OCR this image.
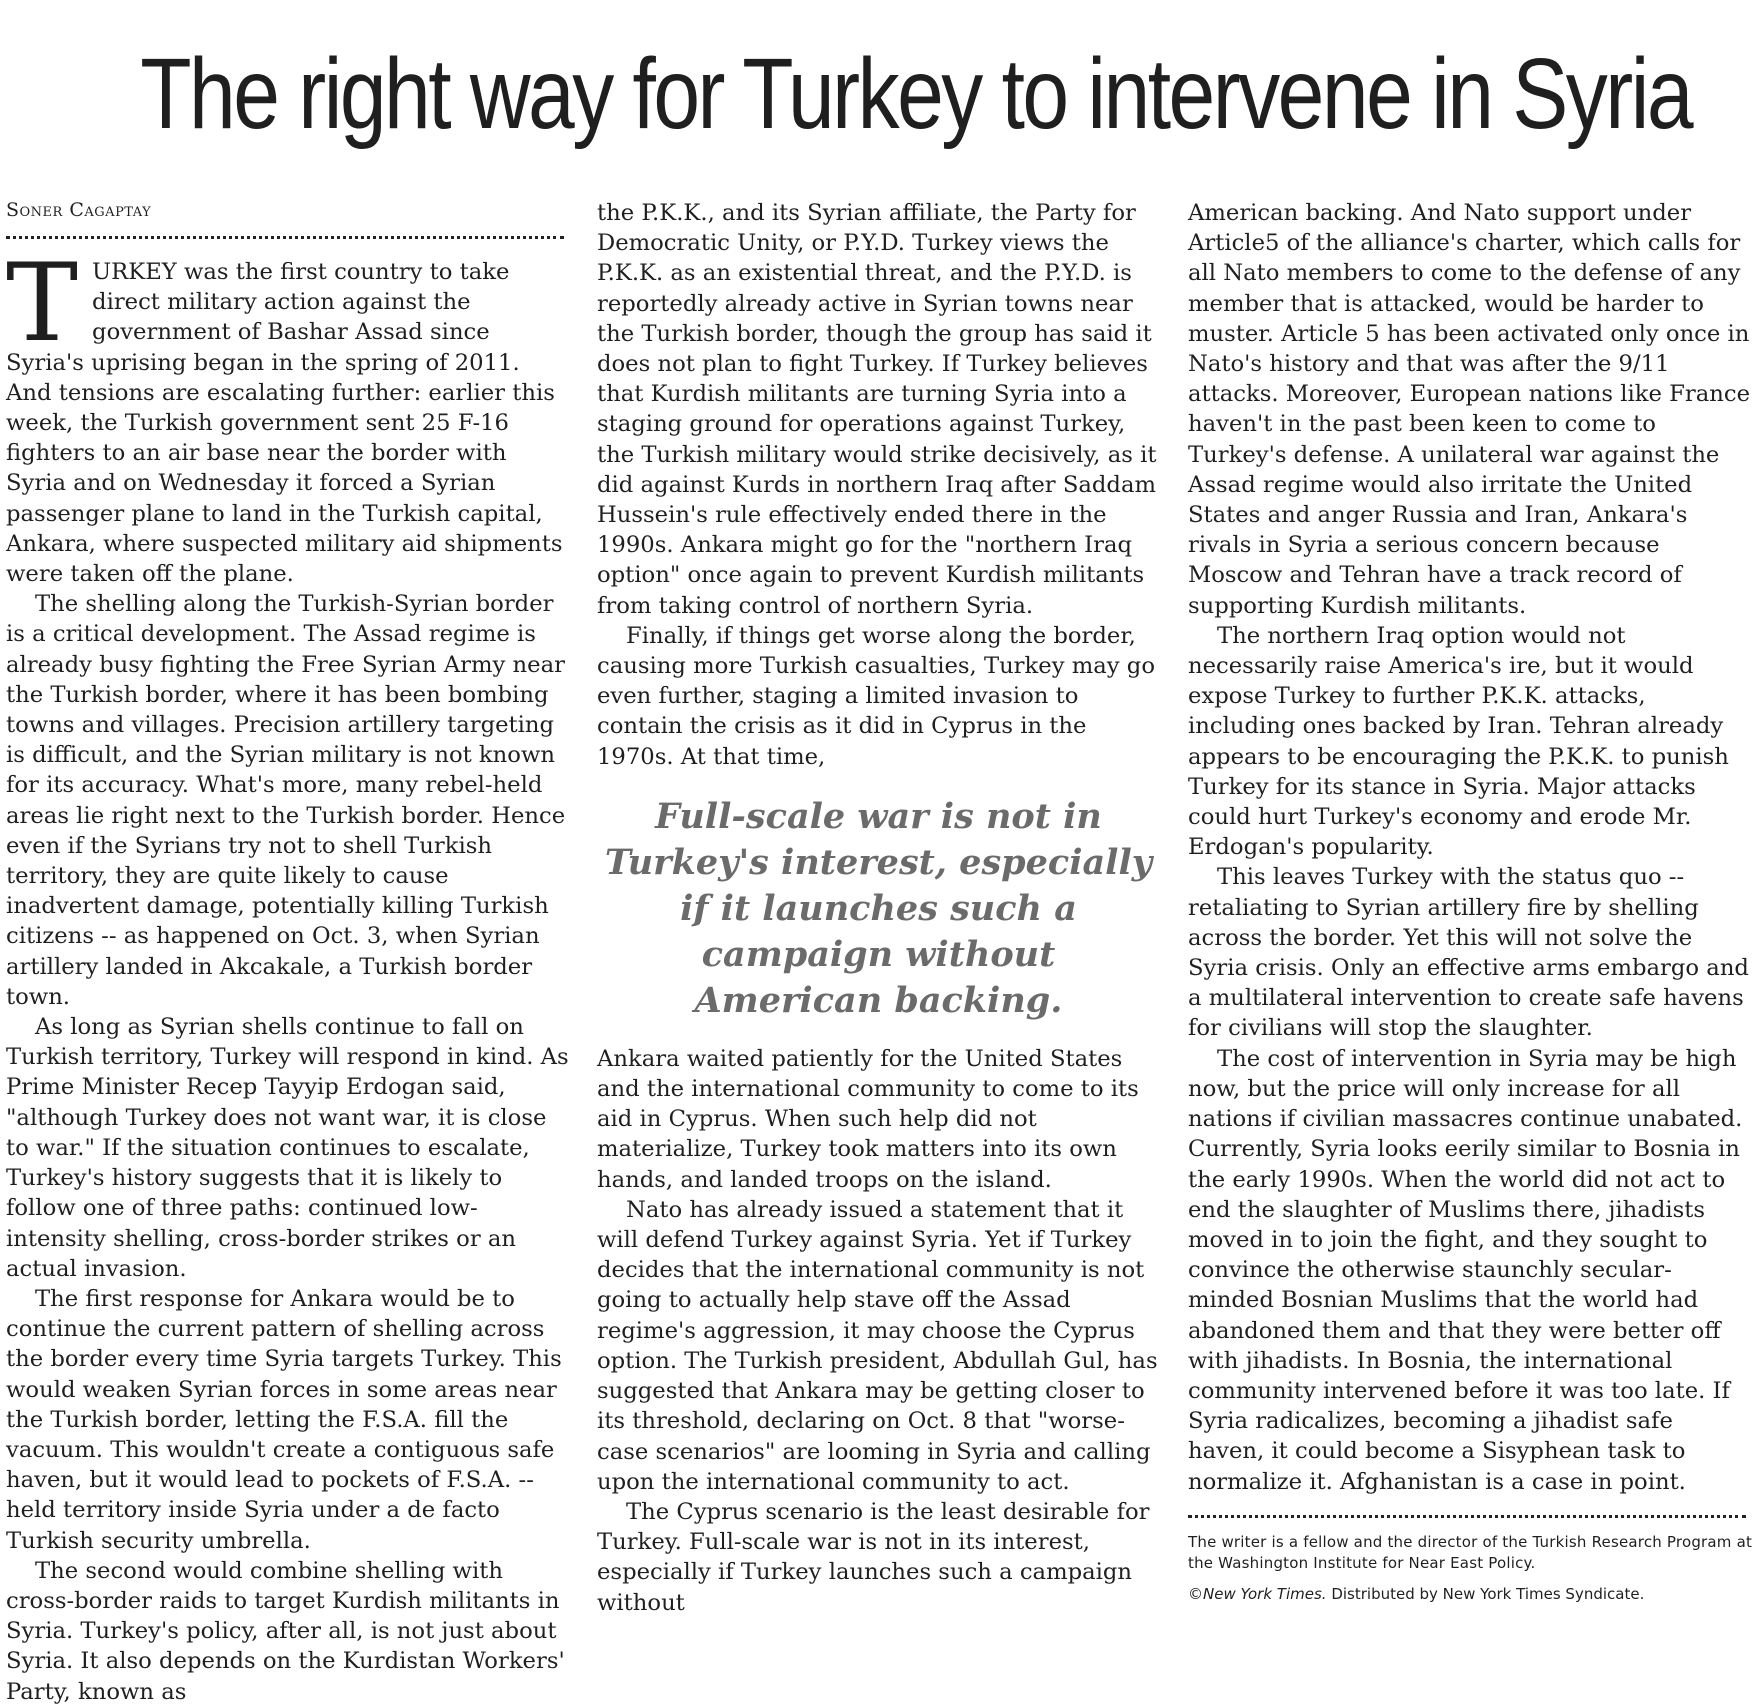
The right way for Turkey to intervene in Syria
Soner Cagaptay

TURKEY was the first country to take direct military action against the government of Bashar Assad since Syria's uprising began in the spring of 2011. And tensions are escalating further: earlier this week, the Turkish government sent 25 F-16 fighters to an air base near the border with Syria and on Wednesday it forced a Syrian passenger plane to land in the Turkish capital, Ankara, where suspected military aid shipments were taken off the plane.

The shelling along the Turkish-Syrian border is a critical development. The Assad regime is already busy fighting the Free Syrian Army near the Turkish border, where it has been bombing towns and villages. Precision artillery targeting is difficult, and the Syrian military is not known for its accuracy. What's more, many rebel-held areas lie right next to the Turkish border. Hence even if the Syrians try not to shell Turkish territory, they are quite likely to cause inadvertent damage, potentially killing Turkish citizens -- as happened on Oct. 3, when Syrian artillery landed in Akcakale, a Turkish border town.

As long as Syrian shells continue to fall on Turkish territory, Turkey will respond in kind. As Prime Minister Recep Tayyip Erdogan said, "although Turkey does not want war, it is close to war." If the situation continues to escalate, Turkey's history suggests that it is likely to follow one of three paths: continued low-intensity shelling, cross-border strikes or an actual invasion.

The first response for Ankara would be to continue the current pattern of shelling across the border every time Syria targets Turkey. This would weaken Syrian forces in some areas near the Turkish border, letting the F.S.A. fill the vacuum. This wouldn't create a contiguous safe haven, but it would lead to pockets of F.S.A. -- held territory inside Syria under a de facto Turkish security umbrella.

The second would combine shelling with cross-border raids to target Kurdish militants in Syria. Turkey's policy, after all, is not just about Syria. It also depends on the Kurdistan Workers' Party, known as

the P.K.K., and its Syrian affiliate, the Party for Democratic Unity, or P.Y.D. Turkey views the P.K.K. as an existential threat, and the P.Y.D. is reportedly already active in Syrian towns near the Turkish border, though the group has said it does not plan to fight Turkey. If Turkey believes that Kurdish militants are turning Syria into a staging ground for operations against Turkey, the Turkish military would strike decisively, as it did against Kurds in northern Iraq after Saddam Hussein's rule effectively ended there in the 1990s. Ankara might go for the "northern Iraq option" once again to prevent Kurdish militants from taking control of northern Syria.

Finally, if things get worse along the border, causing more Turkish casualties, Turkey may go even further, staging a limited invasion to contain the crisis as it did in Cyprus in the 1970s. At that time,

Full-scale war is not in Turkey's interest, especially if it launches such a campaign without American backing.

Ankara waited patiently for the United States and the international community to come to its aid in Cyprus. When such help did not materialize, Turkey took matters into its own hands, and landed troops on the island.

Nato has already issued a statement that it will defend Turkey against Syria. Yet if Turkey decides that the international community is not going to actually help stave off the Assad regime's aggression, it may choose the Cyprus option. The Turkish president, Abdullah Gul, has suggested that Ankara may be getting closer to its threshold, declaring on Oct. 8 that "worse-case scenarios" are looming in Syria and calling upon the international community to act.

The Cyprus scenario is the least desirable for Turkey. Full-scale war is not in its interest, especially if Turkey launches such a campaign without

American backing. And Nato support under Article5 of the alliance's charter, which calls for all Nato members to come to the defense of any member that is attacked, would be harder to muster. Article 5 has been activated only once in Nato's history and that was after the 9/11 attacks. Moreover, European nations like France haven't in the past been keen to come to Turkey's defense. A unilateral war against the Assad regime would also irritate the United States and anger Russia and Iran, Ankara's rivals in Syria a serious concern because Moscow and Tehran have a track record of supporting Kurdish militants.

The northern Iraq option would not necessarily raise America's ire, but it would expose Turkey to further P.K.K. attacks, including ones backed by Iran. Tehran already appears to be encouraging the P.K.K. to punish Turkey for its stance in Syria. Major attacks could hurt Turkey's economy and erode Mr. Erdogan's popularity.

This leaves Turkey with the status quo -- retaliating to Syrian artillery fire by shelling across the border. Yet this will not solve the Syria crisis. Only an effective arms embargo and a multilateral intervention to create safe havens for civilians will stop the slaughter.

The cost of intervention in Syria may be high now, but the price will only increase for all nations if civilian massacres continue unabated. Currently, Syria looks eerily similar to Bosnia in the early 1990s. When the world did not act to end the slaughter of Muslims there, jihadists moved in to join the fight, and they sought to convince the otherwise staunchly secular-minded Bosnian Muslims that the world had abandoned them and that they were better off with jihadists. In Bosnia, the international community intervened before it was too late. If Syria radicalizes, becoming a jihadist safe haven, it could become a Sisyphean task to normalize it. Afghanistan is a case in point.

The writer is a fellow and the director of the Turkish Research Program at the Washington Institute for Near East Policy.

©New York Times. Distributed by New York Times Syndicate.
